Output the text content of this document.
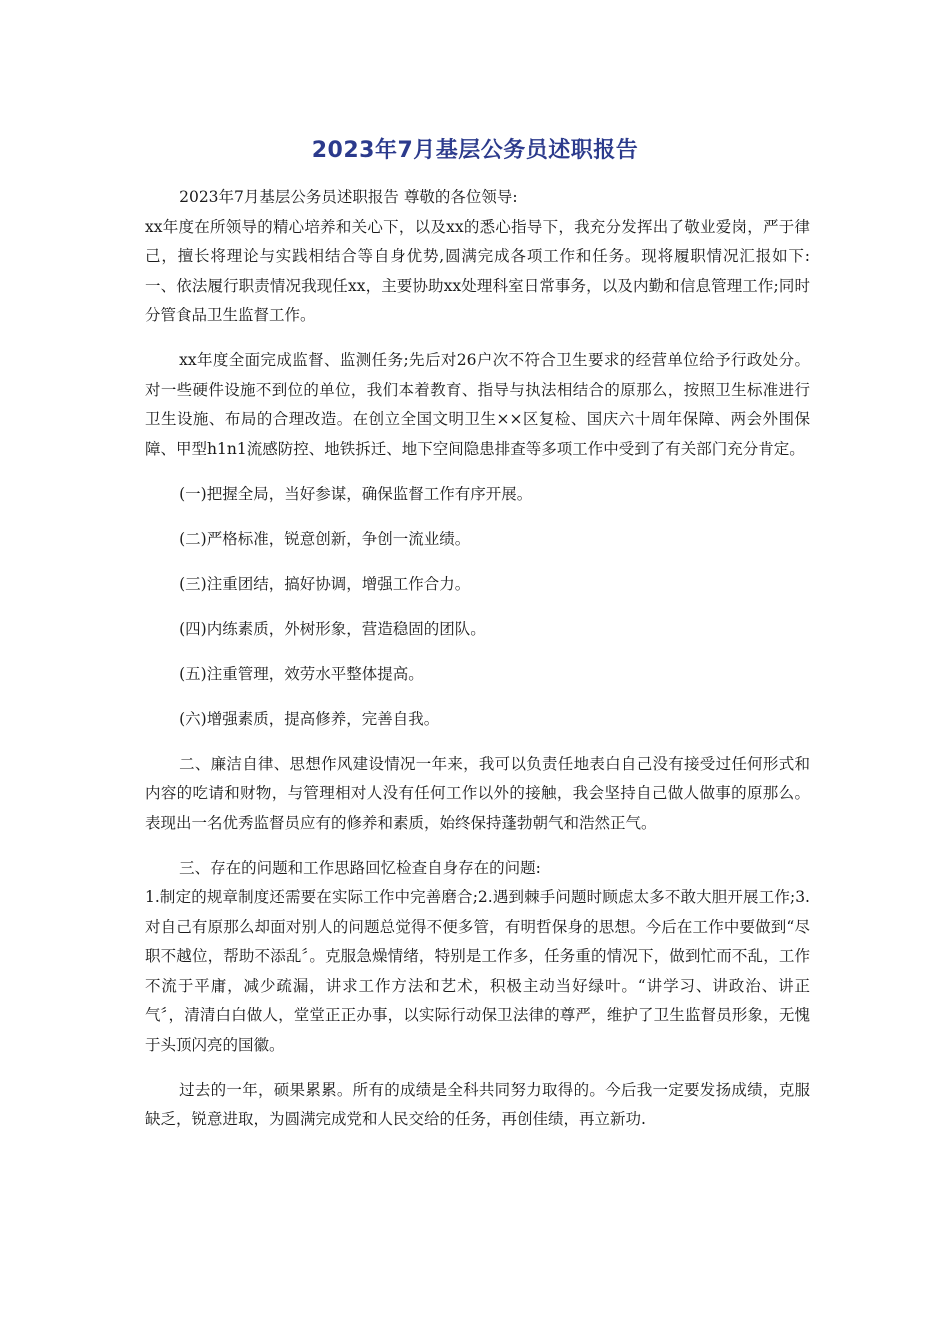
2023年7月基层公务员述职报告

2023年7月基层公务员述职报告 尊敬的各位领导:

xx年度在所领导的精心培养和关心下，以及xx的悉心指导下，我充分发挥出了敬业爱岗，严于律己，擅长将理论与实践相结合等自身优势,圆满完成各项工作和任务。现将履职情况汇报如下: 一、依法履行职责情况我现任xx，主要协助xx处理科室日常事务，以及内勤和信息管理工作;同时分管食品卫生监督工作。

xx年度全面完成监督、监测任务;先后对26户次不符合卫生要求的经营单位给予行政处分。对一些硬件设施不到位的单位，我们本着教育、指导与执法相结合的原那么，按照卫生标准进行卫生设施、布局的合理改造。在创立全国文明卫生××区复检、国庆六十周年保障、两会外围保障、甲型h1n1流感防控、地铁拆迁、地下空间隐患排查等多项工作中受到了有关部门充分肯定。

(一)把握全局，当好参谋，确保监督工作有序开展。

(二)严格标准，锐意创新，争创一流业绩。

(三)注重团结，搞好协调，增强工作合力。

(四)内练素质，外树形象，营造稳固的团队。

(五)注重管理，效劳水平整体提高。

(六)增强素质，提高修养，完善自我。

二、廉洁自律、思想作风建设情况一年来，我可以负责任地表白自己没有接受过任何形式和内容的吃请和财物，与管理相对人没有任何工作以外的接触，我会坚持自己做人做事的原那么。表现出一名优秀监督员应有的修养和素质，始终保持蓬勃朝气和浩然正气。

三、存在的问题和工作思路回忆检查自身存在的问题:

1.制定的规章制度还需要在实际工作中完善磨合;2.遇到棘手问题时顾虑太多不敢大胆开展工作;3.对自己有原那么却面对别人的问题总觉得不便多管，有明哲保身的思想。今后在工作中要做到“尽职不越位，帮助不添乱〞。克服急燥情绪，特别是工作多，任务重的情况下，做到忙而不乱，工作不流于平庸，减少疏漏，讲求工作方法和艺术，积极主动当好绿叶。“讲学习、讲政治、讲正气〞，清清白白做人，堂堂正正办事，以实际行动保卫法律的尊严，维护了卫生监督员形象，无愧于头顶闪亮的国徽。

过去的一年，硕果累累。所有的成绩是全科共同努力取得的。今后我一定要发扬成绩，克服缺乏，锐意进取，为圆满完成党和人民交给的任务，再创佳绩，再立新功.
